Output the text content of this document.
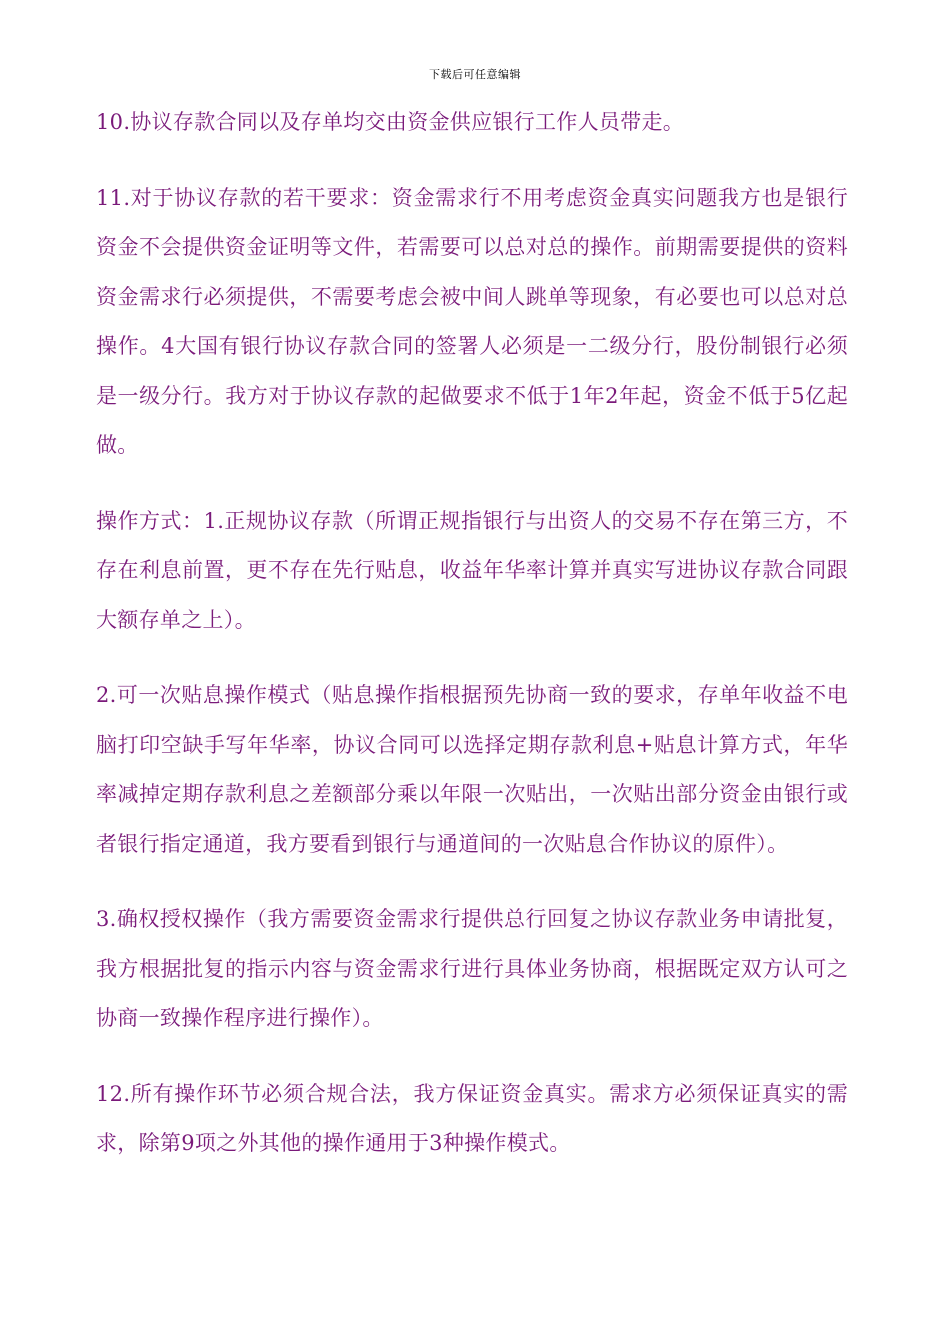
下载后可任意编辑

10.协议存款合同以及存单均交由资金供应银行工作人员带走。

11.对于协议存款的若干要求：资金需求行不用考虑资金真实问题我方也是银行资金不会提供资金证明等文件，若需要可以总对总的操作。前期需要提供的资料资金需求行必须提供，不需要考虑会被中间人跳单等现象，有必要也可以总对总操作。4大国有银行协议存款合同的签署人必须是一二级分行，股份制银行必须是一级分行。我方对于协议存款的起做要求不低于1年2年起，资金不低于5亿起做。

操作方式：1.正规协议存款（所谓正规指银行与出资人的交易不存在第三方，不存在利息前置，更不存在先行贴息，收益年华率计算并真实写进协议存款合同跟大额存单之上）。

2.可一次贴息操作模式（贴息操作指根据预先协商一致的要求，存单年收益不电脑打印空缺手写年华率，协议合同可以选择定期存款利息+贴息计算方式，年华率减掉定期存款利息之差额部分乘以年限一次贴出，一次贴出部分资金由银行或者银行指定通道，我方要看到银行与通道间的一次贴息合作协议的原件）。

3.确权授权操作（我方需要资金需求行提供总行回复之协议存款业务申请批复，我方根据批复的指示内容与资金需求行进行具体业务协商，根据既定双方认可之协商一致操作程序进行操作）。

12.所有操作环节必须合规合法，我方保证资金真实。需求方必须保证真实的需求，除第9项之外其他的操作通用于3种操作模式。
